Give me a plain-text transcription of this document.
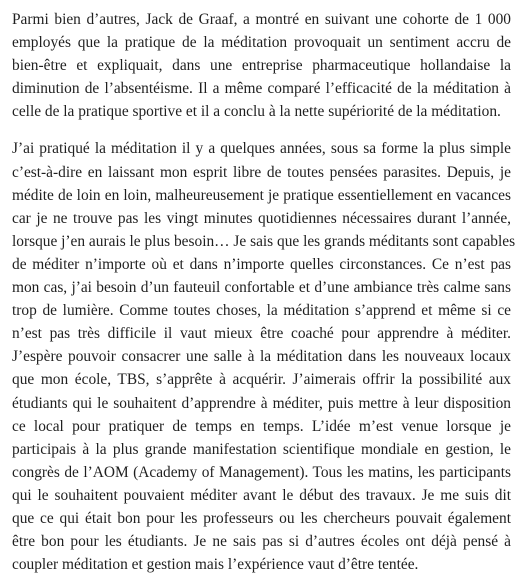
Parmi bien d’autres, Jack de Graaf, a montré en suivant une cohorte de 1 000
employés que la pratique de la méditation provoquait un sentiment accru de
bien-être et expliquait, dans une entreprise pharmaceutique hollandaise la
diminution de l’absentéisme. Il a même comparé l’efficacité de la méditation à
celle de la pratique sportive et il a conclu à la nette supériorité de la méditation.
J’ai pratiqué la méditation il y a quelques années, sous sa forme la plus simple
c’est-à-dire en laissant mon esprit libre de toutes pensées parasites. Depuis, je
médite de loin en loin, malheureusement je pratique essentiellement en vacances
car je ne trouve pas les vingt minutes quotidiennes nécessaires durant l’année,
lorsque j’en aurais le plus besoin… Je sais que les grands méditants sont capables
de méditer n’importe où et dans n’importe quelles circonstances. Ce n’est pas
mon cas, j’ai besoin d’un fauteuil confortable et d’une ambiance très calme sans
trop de lumière. Comme toutes choses, la méditation s’apprend et même si ce
n’est pas très difficile il vaut mieux être coaché pour apprendre à méditer.
J’espère pouvoir consacrer une salle à la méditation dans les nouveaux locaux
que mon école, TBS, s’apprête à acquérir. J’aimerais offrir la possibilité aux
étudiants qui le souhaitent d’apprendre à méditer, puis mettre à leur disposition
ce local pour pratiquer de temps en temps. L’idée m’est venue lorsque je
participais à la plus grande manifestation scientifique mondiale en gestion, le
congrès de l’AOM (Academy of Management). Tous les matins, les participants
qui le souhaitent pouvaient méditer avant le début des travaux. Je me suis dit
que ce qui était bon pour les professeurs ou les chercheurs pouvait également
être bon pour les étudiants. Je ne sais pas si d’autres écoles ont déjà pensé à
coupler méditation et gestion mais l’expérience vaut d’être tentée.
